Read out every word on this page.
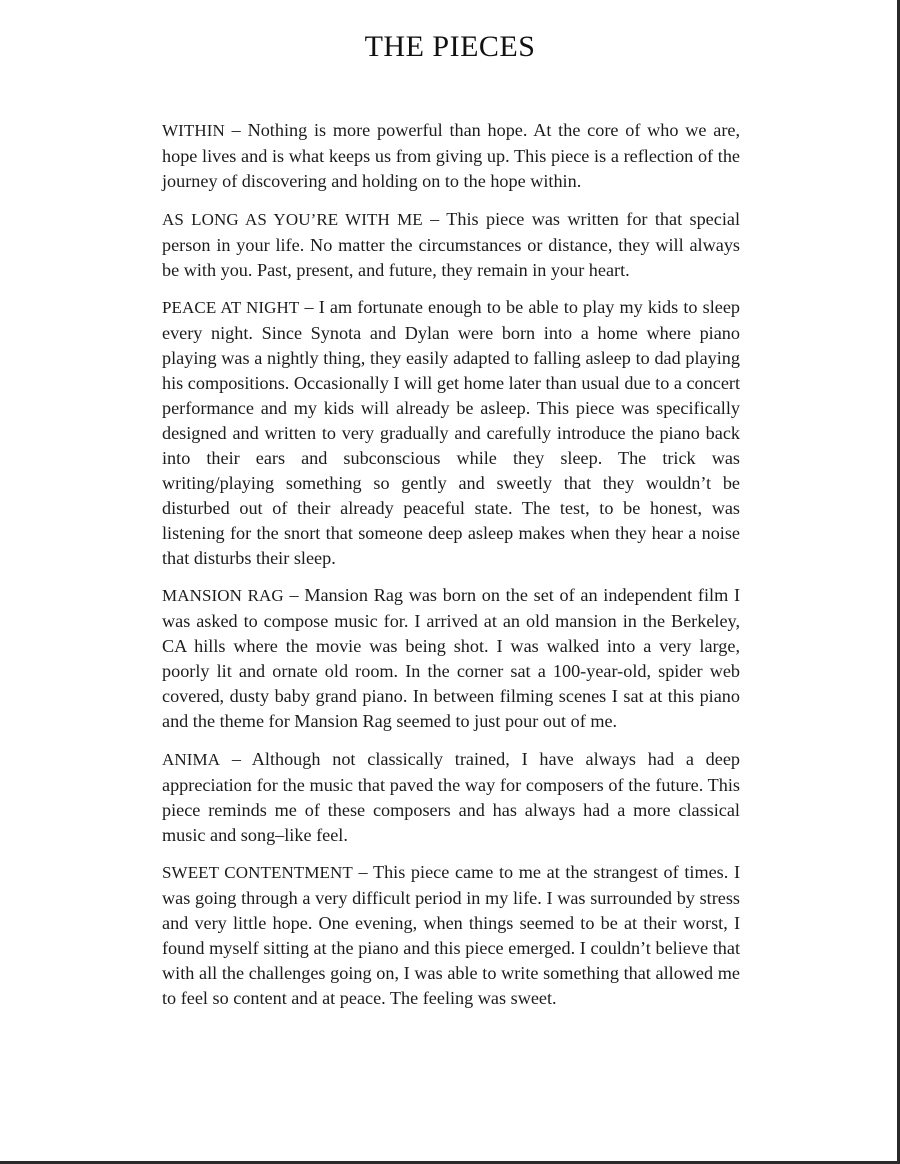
THE PIECES

WITHIN – Nothing is more powerful than hope. At the core of who we are, hope lives and is what keeps us from giving up. This piece is a reflection of the journey of discovering and holding on to the hope within.

AS LONG AS YOU’RE WITH ME – This piece was written for that special person in your life. No matter the circumstances or distance, they will always be with you. Past, present, and future, they remain in your heart.

PEACE AT NIGHT – I am fortunate enough to be able to play my kids to sleep every night. Since Synota and Dylan were born into a home where piano playing was a nightly thing, they easily adapted to falling asleep to dad playing his compositions. Occasionally I will get home later than usual due to a concert performance and my kids will already be asleep. This piece was specifically designed and written to very gradually and carefully introduce the piano back into their ears and subconscious while they sleep. The trick was writing/playing something so gently and sweetly that they wouldn’t be disturbed out of their already peaceful state. The test, to be honest, was listening for the snort that someone deep asleep makes when they hear a noise that disturbs their sleep.

MANSION RAG – Mansion Rag was born on the set of an independent film I was asked to compose music for. I arrived at an old mansion in the Berkeley, CA hills where the movie was being shot. I was walked into a very large, poorly lit and ornate old room. In the corner sat a 100-year-old, spider web covered, dusty baby grand piano. In between filming scenes I sat at this piano and the theme for Mansion Rag seemed to just pour out of me.

ANIMA – Although not classically trained, I have always had a deep appreciation for the music that paved the way for composers of the future. This piece reminds me of these composers and has always had a more classical music and song–like feel.

SWEET CONTENTMENT – This piece came to me at the strangest of times. I was going through a very difficult period in my life. I was surrounded by stress and very little hope. One evening, when things seemed to be at their worst, I found myself sitting at the piano and this piece emerged. I couldn’t believe that with all the challenges going on, I was able to write something that allowed me to feel so content and at peace. The feeling was sweet.
